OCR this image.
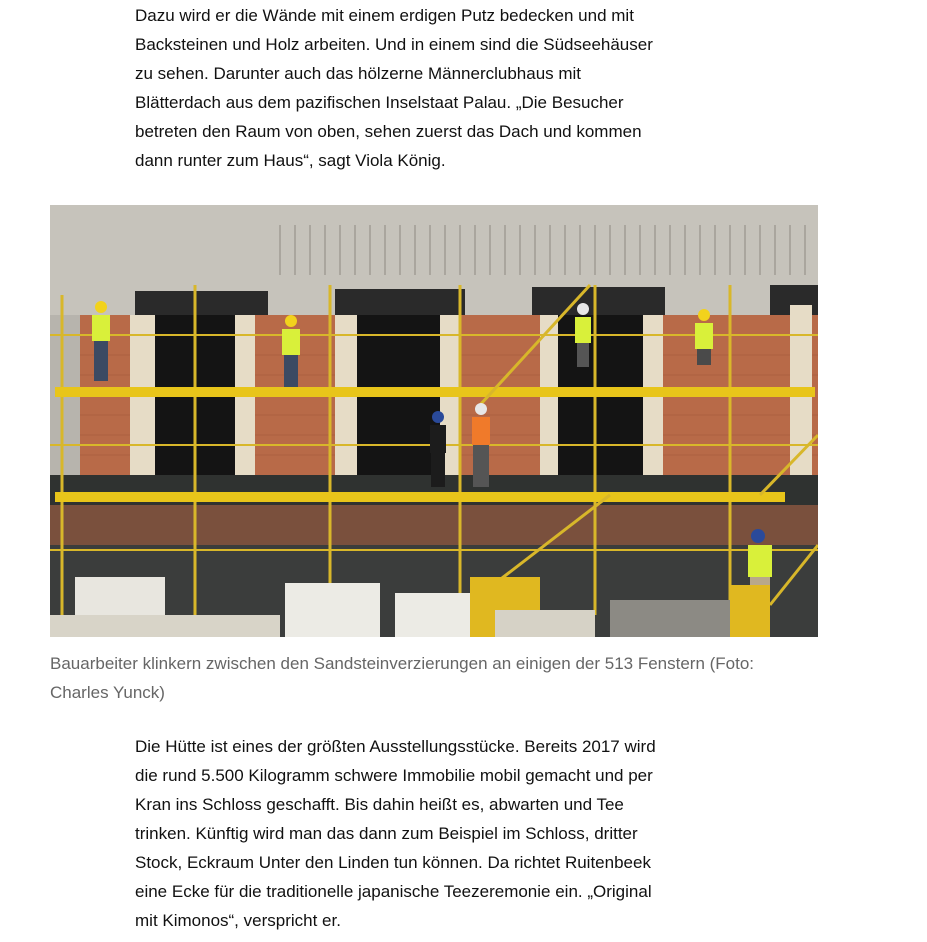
Dazu wird er die Wände mit einem erdigen Putz bedecken und mit
Backsteinen und Holz arbeiten. Und in einem sind die Südseehäuser
zu sehen. Darunter auch das hölzerne Männerclubhaus mit
Blätterdach aus dem pazifischen Inselstaat Palau. „Die Besucher
betreten den Raum von oben, sehen zuerst das Dach und kommen
dann runter zum Haus“, sagt Viola König.
Bauarbeiter klinkern zwischen den Sandsteinverzierungen an einigen der 513 Fenstern (Foto:
Charles Yunck)
Die Hütte ist eines der größten Ausstellungsstücke. Bereits 2017 wird
die rund 5.500 Kilogramm schwere Immobilie mobil gemacht und per
Kran ins Schloss geschafft. Bis dahin heißt es, abwarten und Tee
trinken. Künftig wird man das dann zum Beispiel im Schloss, dritter
Stock, Eckraum Unter den Linden tun können. Da richtet Ruitenbeek
eine Ecke für die traditionelle japanische Teezeremonie ein. „Original
mit Kimonos“, verspricht er.
